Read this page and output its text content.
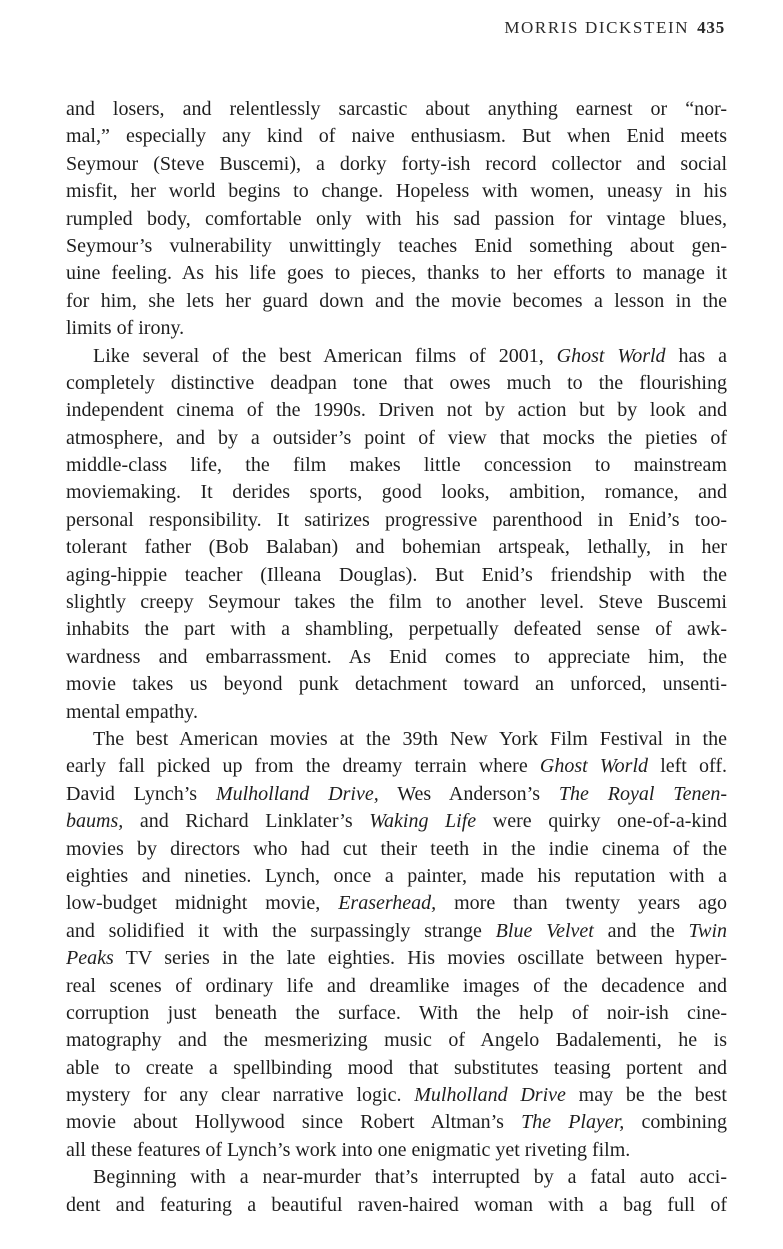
MORRIS DICKSTEIN 435
and losers, and relentlessly sarcastic about anything earnest or “nor-
mal,” especially any kind of naive enthusiasm. But when Enid meets
Seymour (Steve Buscemi), a dorky forty-ish record collector and social
misfit, her world begins to change. Hopeless with women, uneasy in his
rumpled body, comfortable only with his sad passion for vintage blues,
Seymour’s vulnerability unwittingly teaches Enid something about gen-
uine feeling. As his life goes to pieces, thanks to her efforts to manage it
for him, she lets her guard down and the movie becomes a lesson in the
limits of irony.
Like several of the best American films of 2001, Ghost World has a
completely distinctive deadpan tone that owes much to the flourishing
independent cinema of the 1990s. Driven not by action but by look and
atmosphere, and by a outsider’s point of view that mocks the pieties of
middle-class life, the film makes little concession to mainstream
moviemaking. It derides sports, good looks, ambition, romance, and
personal responsibility. It satirizes progressive parenthood in Enid’s too-
tolerant father (Bob Balaban) and bohemian artspeak, lethally, in her
aging-hippie teacher (Illeana Douglas). But Enid’s friendship with the
slightly creepy Seymour takes the film to another level. Steve Buscemi
inhabits the part with a shambling, perpetually defeated sense of awk-
wardness and embarrassment. As Enid comes to appreciate him, the
movie takes us beyond punk detachment toward an unforced, unsenti-
mental empathy.
The best American movies at the 39th New York Film Festival in the
early fall picked up from the dreamy terrain where Ghost World left off.
David Lynch’s Mulholland Drive, Wes Anderson’s The Royal Tenen-
baums, and Richard Linklater’s Waking Life were quirky one-of-a-kind
movies by directors who had cut their teeth in the indie cinema of the
eighties and nineties. Lynch, once a painter, made his reputation with a
low-budget midnight movie, Eraserhead, more than twenty years ago
and solidified it with the surpassingly strange Blue Velvet and the Twin
Peaks TV series in the late eighties. His movies oscillate between hyper-
real scenes of ordinary life and dreamlike images of the decadence and
corruption just beneath the surface. With the help of noir-ish cine-
matography and the mesmerizing music of Angelo Badalementi, he is
able to create a spellbinding mood that substitutes teasing portent and
mystery for any clear narrative logic. Mulholland Drive may be the best
movie about Hollywood since Robert Altman’s The Player, combining
all these features of Lynch’s work into one enigmatic yet riveting film.
Beginning with a near-murder that’s interrupted by a fatal auto acci-
dent and featuring a beautiful raven-haired woman with a bag full of
